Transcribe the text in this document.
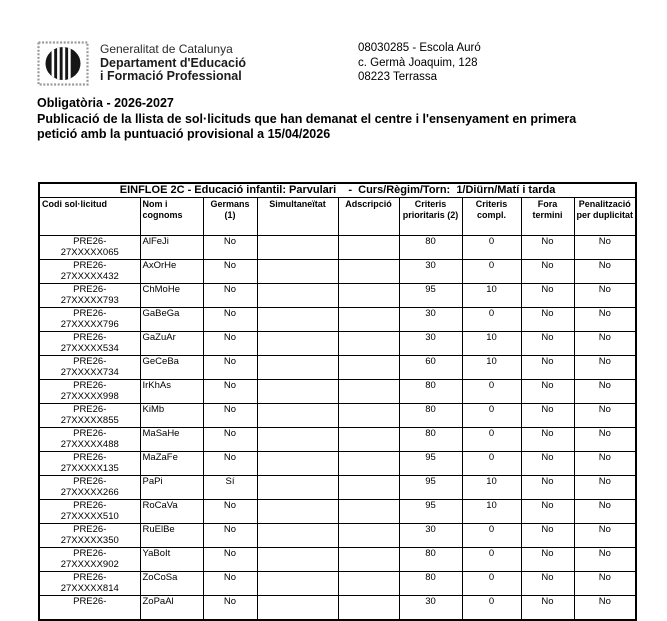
Generalitat de Catalunya
Departament d'Educació
i Formació Professional
08030285 - Escola Auró
c. Germà Joaquim, 128
08223 Terrassa
Obligatòria - 2026-2027
Publicació de la llista de sol·licituds que han demanat el centre i l'ensenyament en primera
petició amb la puntuació provisional a 15/04/2026
EINFLOE 2C - Educació infantil: Parvulari    -  Curs/Règim/Torn:  1/Diürn/Matí i tarda								
Codi sol·licitud	Nom i cognoms	Germans (1)	Simultaneïtat	Adscripció	Criteris prioritaris (2)	Criteris compl.	Fora termini	Penalització per duplicitat

PRE26-
27XXXXX065	AlFeJi	No			80	0	No	No

PRE26-
27XXXXX432	AxOrHe	No			30	0	No	No

PRE26-
27XXXXX793	ChMoHe	No			95	10	No	No

PRE26-
27XXXXX796	GaBeGa	No			30	0	No	No

PRE26-
27XXXXX534	GaZuAr	No			30	10	No	No

PRE26-
27XXXXX734	GeCeBa	No			60	10	No	No

PRE26-
27XXXXX998	IrKhAs	No			80	0	No	No

PRE26-
27XXXXX855	KiMb	No			80	0	No	No

PRE26-
27XXXXX488	MaSaHe	No			80	0	No	No

PRE26-
27XXXXX135	MaZaFe	No			95	0	No	No

PRE26-
27XXXXX266	PaPi	Sí			95	10	No	No

PRE26-
27XXXXX510	RoCaVa	No			95	10	No	No

PRE26-
27XXXXX350	RuElBe	No			30	0	No	No

PRE26-
27XXXXX902	YaBoIt	No			80	0	No	No

PRE26-
27XXXXX814	ZoCoSa	No			80	0	No	No

PRE26-	ZoPaAl	No			30	0	No	No
